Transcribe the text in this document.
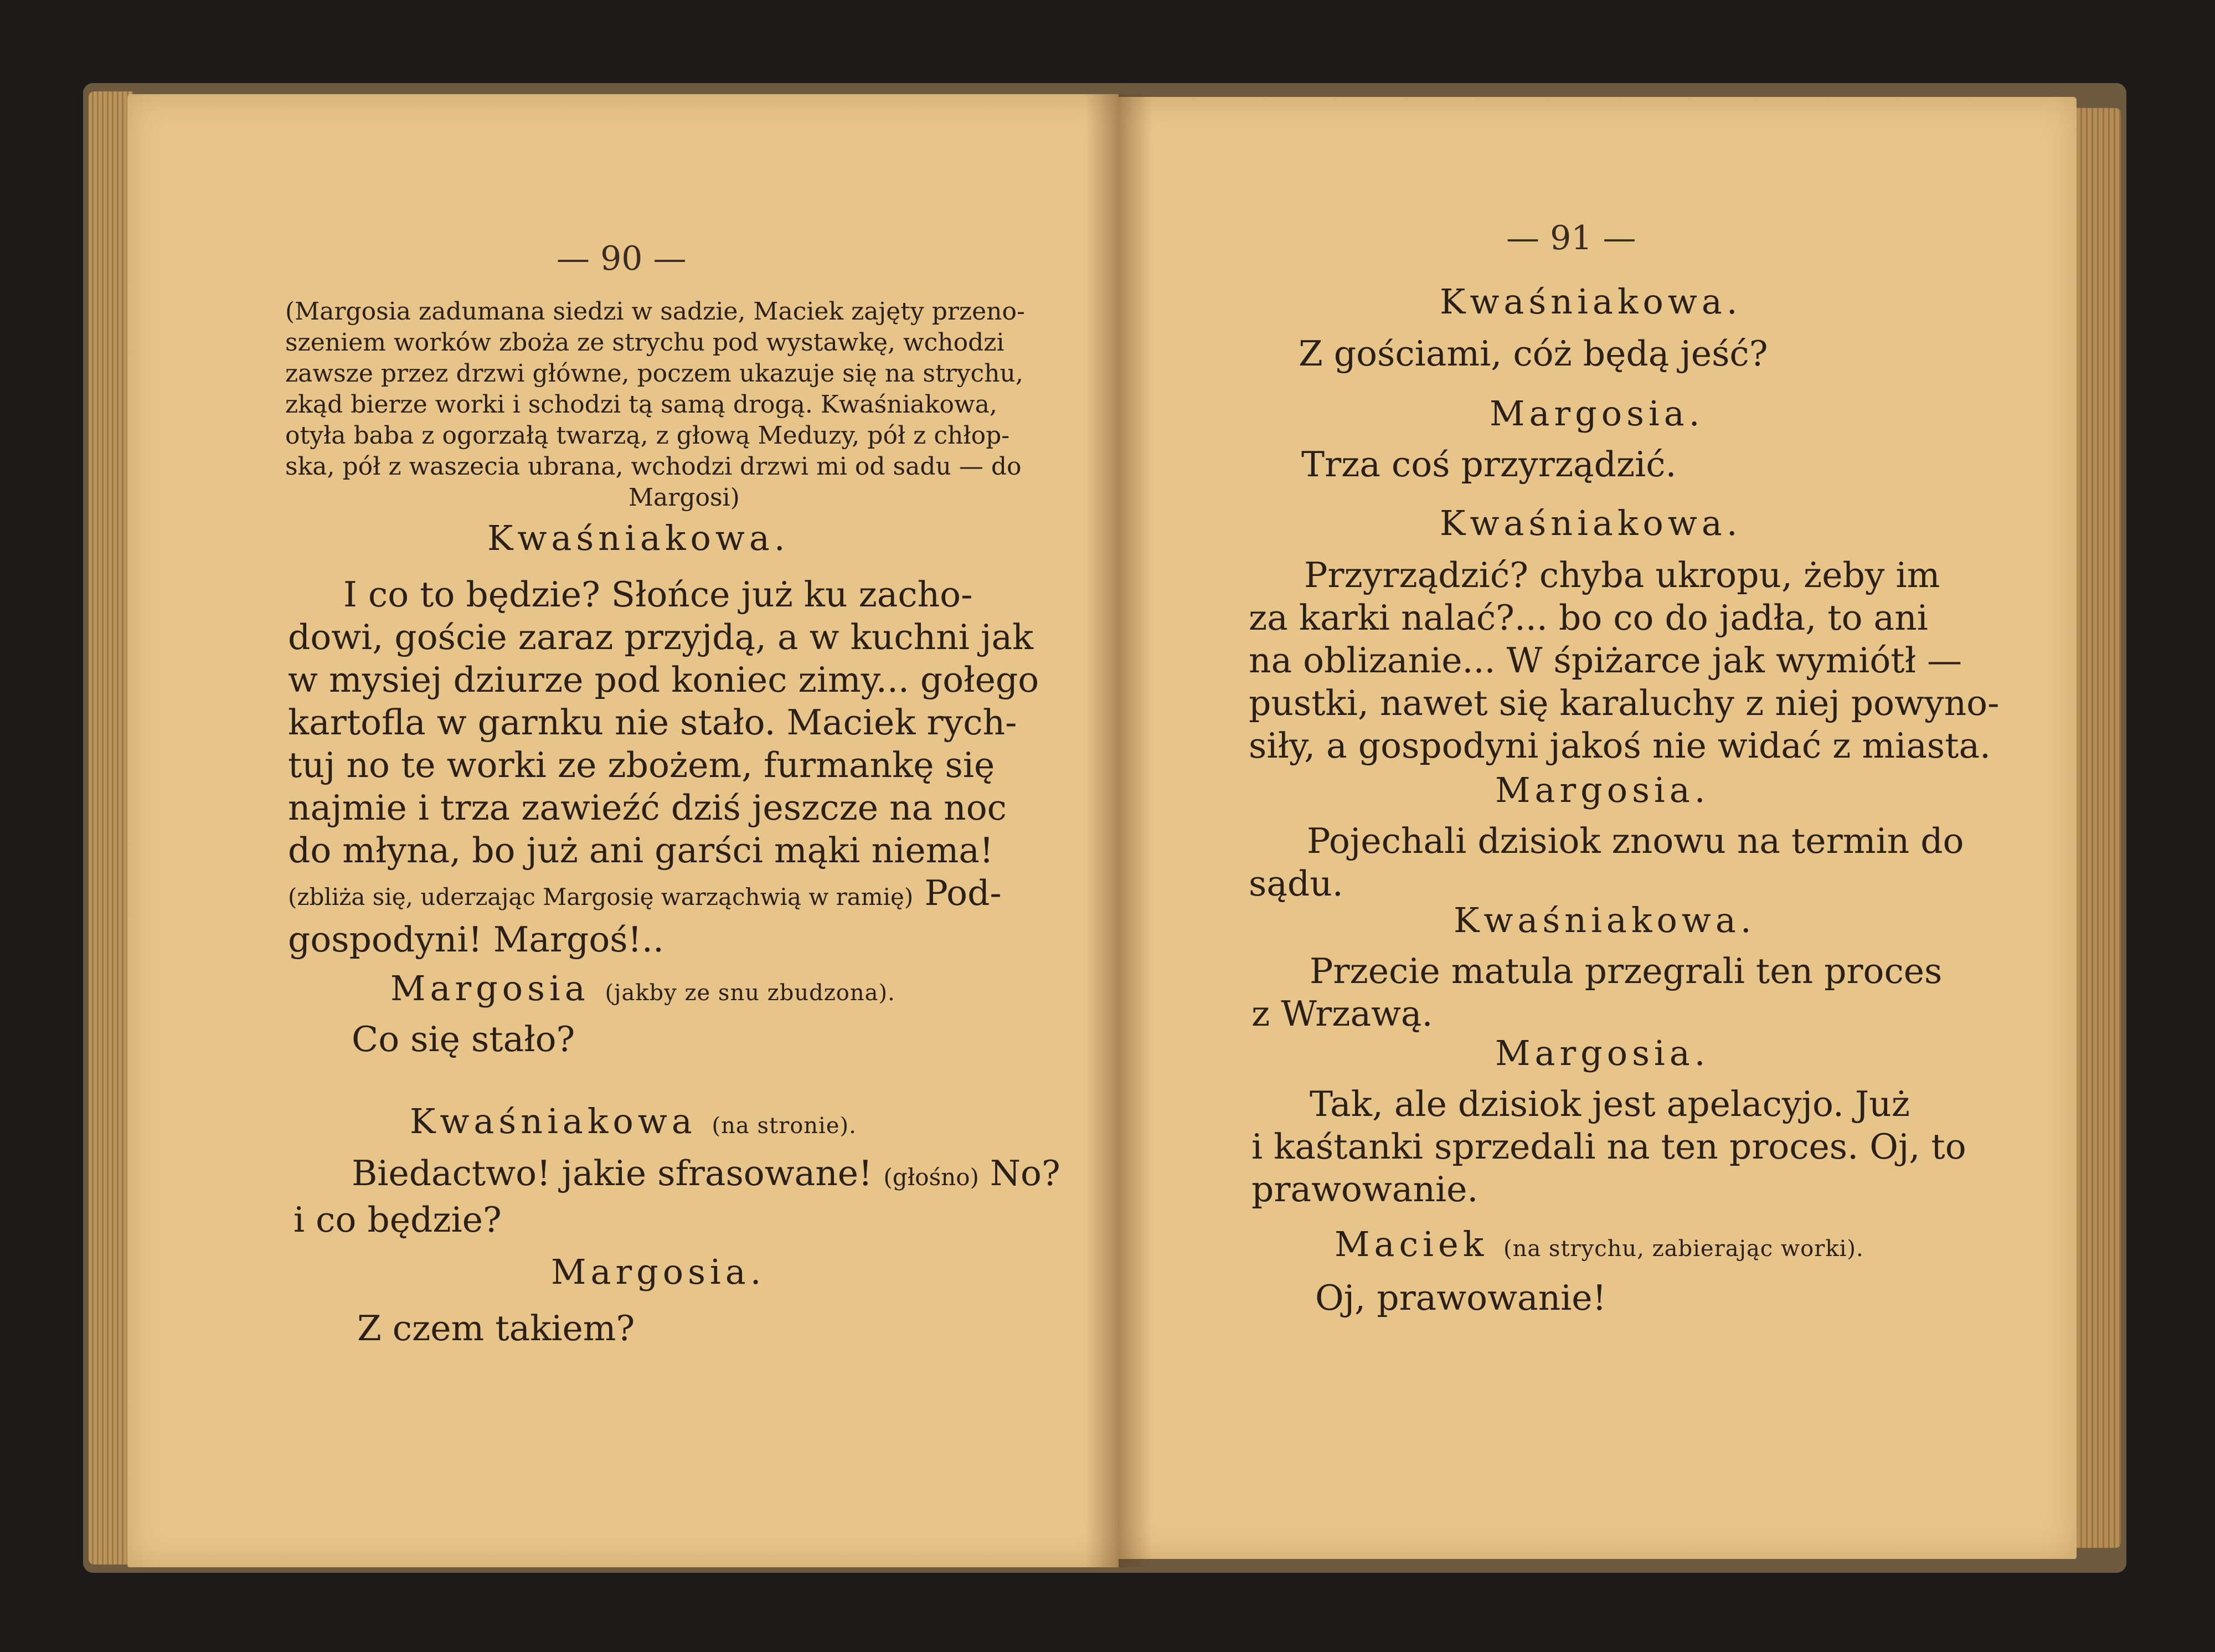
— 90 —
(Margosia zadumana siedzi w sadzie, Maciek zajęty przeno-
szeniem worków zboża ze strychu pod wystawkę, wchodzi
zawsze przez drzwi główne, poczem ukazuje się na strychu,
zkąd bierze worki i schodzi tą samą drogą. Kwaśniakowa,
otyła baba z ogorzałą twarzą, z głową Meduzy, pół z chłop-
ska, pół z waszecia ubrana, wchodzi drzwi mi od sadu — do
Margosi)
Kwaśniakowa.
I co to będzie? Słońce już ku zacho-
dowi, goście zaraz przyjdą, a w kuchni jak
w mysiej dziurze pod koniec zimy... gołego
kartofla w garnku nie stało. Maciek rych-
tuj no te worki ze zbożem, furmankę się
najmie i trza zawieźć dziś jeszcze na noc
do młyna, bo już ani garści mąki niema!
(zbliża się, uderzając Margosię warząchwią w ramię) Pod-
gospodyni! Margoś!..
Margosia (jakby ze snu zbudzona).
Co się stało?
Kwaśniakowa (na stronie).
Biedactwo! jakie sfrasowane! (głośno) No?
i co będzie?
Margosia.
Z czem takiem?
— 91 —
Kwaśniakowa.
Z gościami, cóż będą jeść?
Margosia.
Trza coś przyrządzić.
Kwaśniakowa.
Przyrządzić? chyba ukropu, żeby im
za karki nalać?... bo co do jadła, to ani
na oblizanie... W śpiżarce jak wymiótł —
pustki, nawet się karaluchy z niej powyno-
siły, a gospodyni jakoś nie widać z miasta.
Margosia.
Pojechali dzisiok znowu na termin do
sądu.
Kwaśniakowa.
Przecie matula przegrali ten proces
z Wrzawą.
Margosia.
Tak, ale dzisiok jest apelacyjo. Już
i kaśtanki sprzedali na ten proces. Oj, to
prawowanie.
Maciek (na strychu, zabierając worki).
Oj, prawowanie!
